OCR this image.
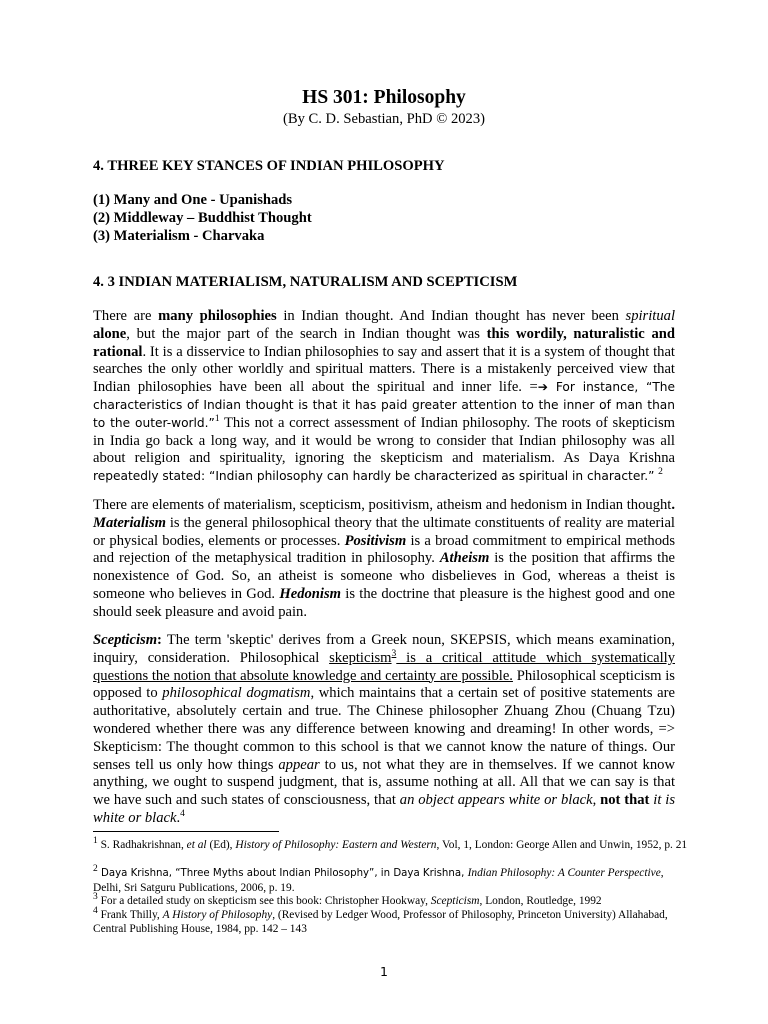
HS 301: Philosophy
(By C. D. Sebastian, PhD © 2023)
4. THREE KEY STANCES OF INDIAN PHILOSOPHY
(1) Many and One - Upanishads
(2) Middleway – Buddhist Thought
(3) Materialism - Charvaka
4. 3 INDIAN MATERIALISM, NATURALISM AND SCEPTICISM
There are many philosophies in Indian thought. And Indian thought has never been spiritual alone, but the major part of the search in Indian thought was this wordily, naturalistic and rational. It is a disservice to Indian philosophies to say and assert that it is a system of thought that searches the only other worldly and spiritual matters. There is a mistakenly perceived view that Indian philosophies have been all about the spiritual and inner life. =➔ For instance, “The characteristics of Indian thought is that it has paid greater attention to the inner of man than to the outer-world.”$^1$ This not a correct assessment of Indian philosophy. The roots of skepticism in India go back a long way, and it would be wrong to consider that Indian philosophy was all about religion and spirituality, ignoring the skepticism and materialism. As Daya Krishna repeatedly stated: “Indian philosophy can hardly be characterized as spiritual in character.” $^2$
There are elements of materialism, scepticism, positivism, atheism and hedonism in Indian thought. Materialism is the general philosophical theory that the ultimate constituents of reality are material or physical bodies, elements or processes. Positivism is a broad commitment to empirical methods and rejection of the metaphysical tradition in philosophy. Atheism is the position that affirms the nonexistence of God. So, an atheist is someone who disbelieves in God, whereas a theist is someone who believes in God. Hedonism is the doctrine that pleasure is the highest good and one should seek pleasure and avoid pain.
Scepticism: The term 'skeptic' derives from a Greek noun, SKEPSIS, which means examination, inquiry, consideration. Philosophical skepticism$^3$ is a critical attitude which systematically questions the notion that absolute knowledge and certainty are possible. Philosophical scepticism is opposed to philosophical dogmatism, which maintains that a certain set of positive statements are authoritative, absolutely certain and true. The Chinese philosopher Zhuang Zhou (Chuang Tzu) wondered whether there was any difference between knowing and dreaming! In other words, => Skepticism: The thought common to this school is that we cannot know the nature of things. Our senses tell us only how things appear to us, not what they are in themselves. If we cannot know anything, we ought to suspend judgment, that is, assume nothing at all. All that we can say is that we have such and such states of consciousness, that an object appears white or black, not that it is white or black.$^4$
$^1$ S. Radhakrishnan, et al (Ed), History of Philosophy: Eastern and Western, Vol, 1, London: George Allen and Unwin, 1952, p. 21
$^2$ Daya Krishna, “Three Myths about Indian Philosophy”, in Daya Krishna, Indian Philosophy: A Counter Perspective, Delhi, Sri Satguru Publications, 2006, p. 19.
$^3$ For a detailed study on skepticism see this book: Christopher Hookway, Scepticism, London, Routledge, 1992
$^4$ Frank Thilly, A History of Philosophy, (Revised by Ledger Wood, Professor of Philosophy, Princeton University) Allahabad, Central Publishing House, 1984, pp. 142 – 143
1
